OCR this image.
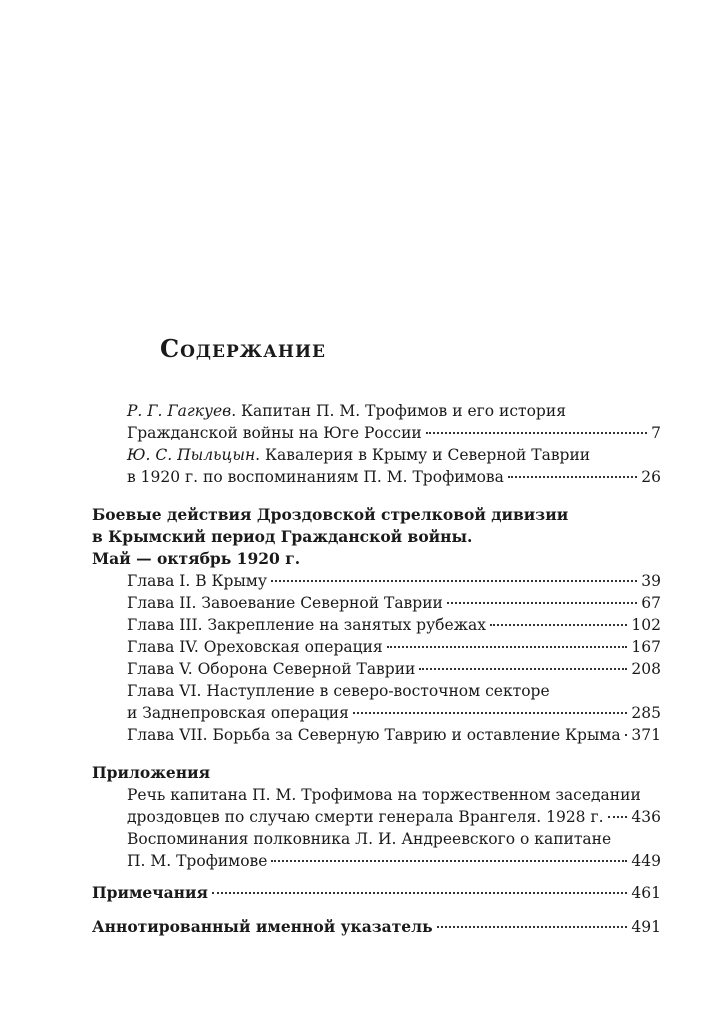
Содержание
Р. Г. Гагкуев. Капитан П. М. Трофимов и его история
Гражданской войны на Юге России	7
Ю. С. Пыльцын. Кавалерия в Крыму и Северной Таврии
в 1920 г. по воспоминаниям П. М. Трофимова	26
Боевые действия Дроздовской стрелковой дивизии
в Крымский период Гражданской войны.
Май — октябрь 1920 г.
Глава I. В Крыму	39
Глава II. Завоевание Северной Таврии	67
Глава III. Закрепление на занятых рубежах	102
Глава IV. Ореховская операция	167
Глава V. Оборона Северной Таврии	208
Глава VI. Наступление в северо-восточном секторе
и Заднепровская операция	285
Глава VII. Борьба за Северную Таврию и оставление Крыма 371
Приложения
Речь капитана П. М. Трофимова на торжественном заседании
дроздовцев по случаю смерти генерала Врангеля. 1928 г. 436
Воспоминания полковника Л. И. Андреевского о капитане
П. М. Трофимове	449
Примечания	461
Аннотированный именной указатель	491
